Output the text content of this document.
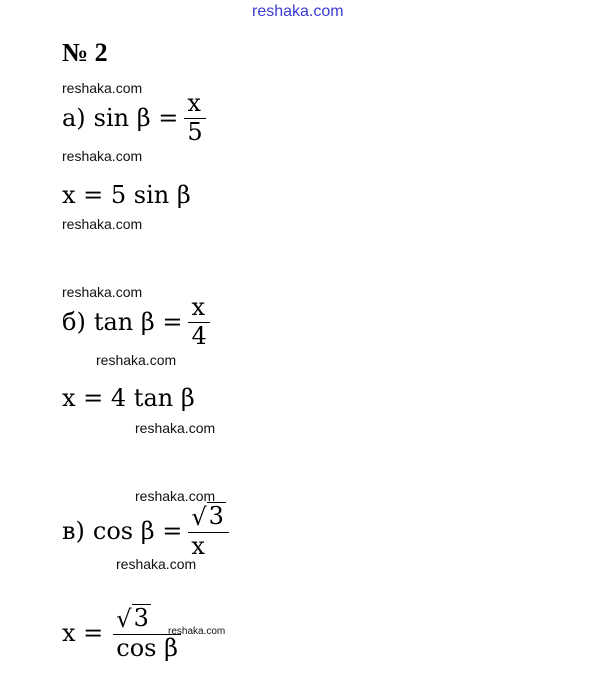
reshaka.com
№ 2
reshaka.com
а) $\sin \beta = \frac{x}{5}$
reshaka.com
x = 5 sin β
reshaka.com
reshaka.com
б) $\tan \beta = \frac{x}{4}$
reshaka.com
x = 4 tan β
reshaka.com
reshaka.com
в) $\cos \beta = \frac{√ 3}{x}$
reshaka.com
$x = \frac{√ 3}{\text{cos β}}$
reshaka.com
